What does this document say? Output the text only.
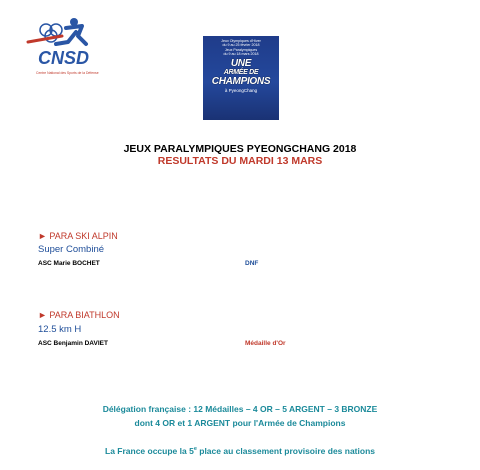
CNSD
Centre National des Sports de la Défense
Jeux Olympiques d'Hiver
du 9 au 25 février 2018
Jeux Paralympiques
du 9 au 18 mars 2018
UNE
ARMÉE DE
CHAMPIONS
à PyeongChang
JEUX PARALYMPIQUES PYEONGCHANG 2018
RESULTATS DU MARDI 13 MARS
► PARA SKI ALPIN
Super Combiné
ASC Marie BOCHET	DNF
► PARA BIATHLON
12.5 km H
ASC Benjamin DAVIET	Médaille d'Or
Délégation française : 12 Médailles – 4 OR – 5 ARGENT – 3 BRONZE
dont 4 OR et 1 ARGENT pour l'Armée de Champions
La France occupe la 5e place au classement provisoire des nations
